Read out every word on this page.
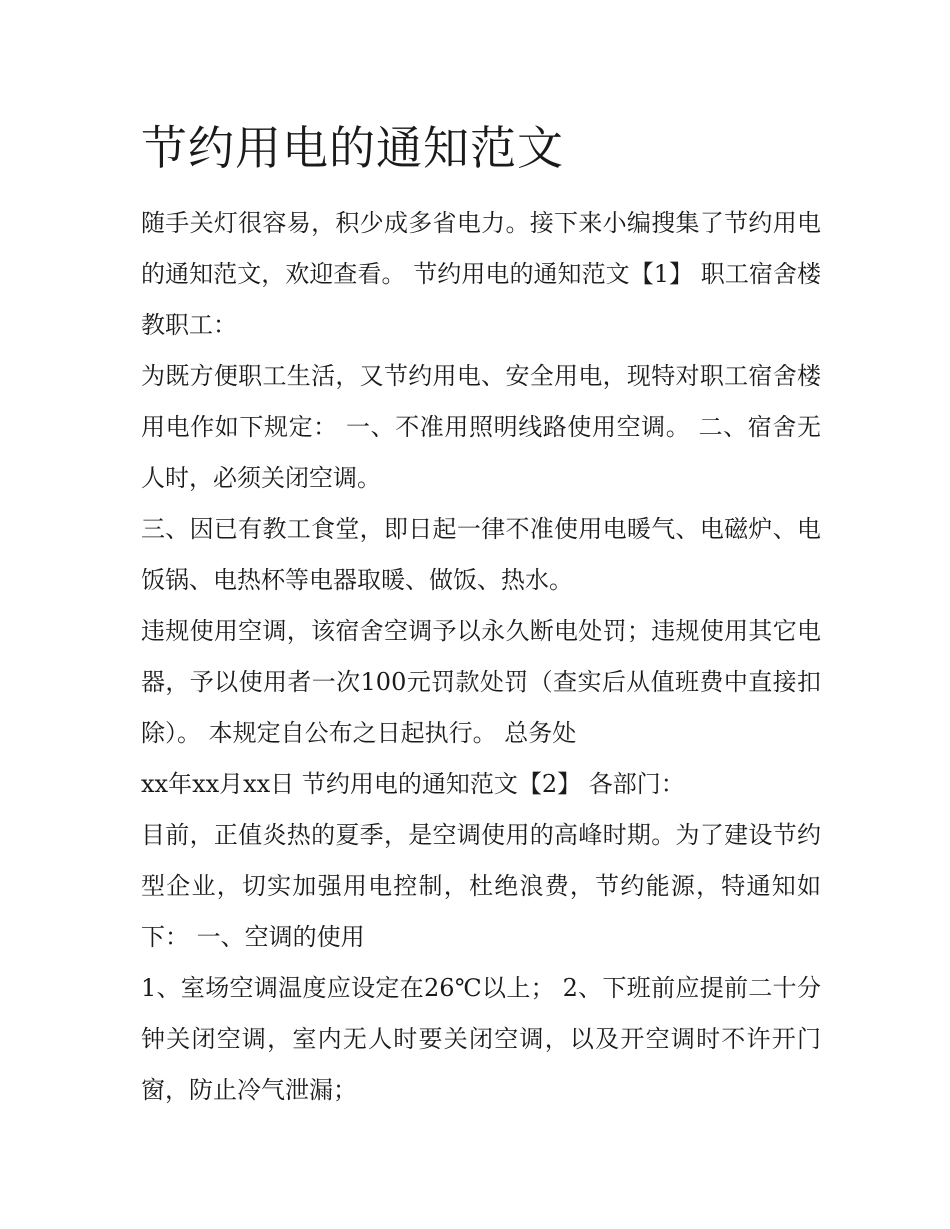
节约用电的通知范文

随手关灯很容易，积少成多省电力。接下来小编搜集了节约用电的通知范文，欢迎查看。 节约用电的通知范文【1】 职工宿舍楼教职工：

为既方便职工生活，又节约用电、安全用电，现特对职工宿舍楼用电作如下规定： 一、不准用照明线路使用空调。 二、宿舍无人时，必须关闭空调。

三、因已有教工食堂，即日起一律不准使用电暖气、电磁炉、电饭锅、电热杯等电器取暖、做饭、热水。

违规使用空调，该宿舍空调予以永久断电处罚；违规使用其它电器，予以使用者一次100元罚款处罚（查实后从值班费中直接扣除）。 本规定自公布之日起执行。 总务处

xx年xx月xx日 节约用电的通知范文【2】 各部门：

目前，正值炎热的夏季，是空调使用的高峰时期。为了建设节约型企业，切实加强用电控制，杜绝浪费，节约能源，特通知如下： 一、空调的使用

1、室场空调温度应设定在26℃以上； 2、下班前应提前二十分钟关闭空调，室内无人时要关闭空调，以及开空调时不许开门窗，防止冷气泄漏；
